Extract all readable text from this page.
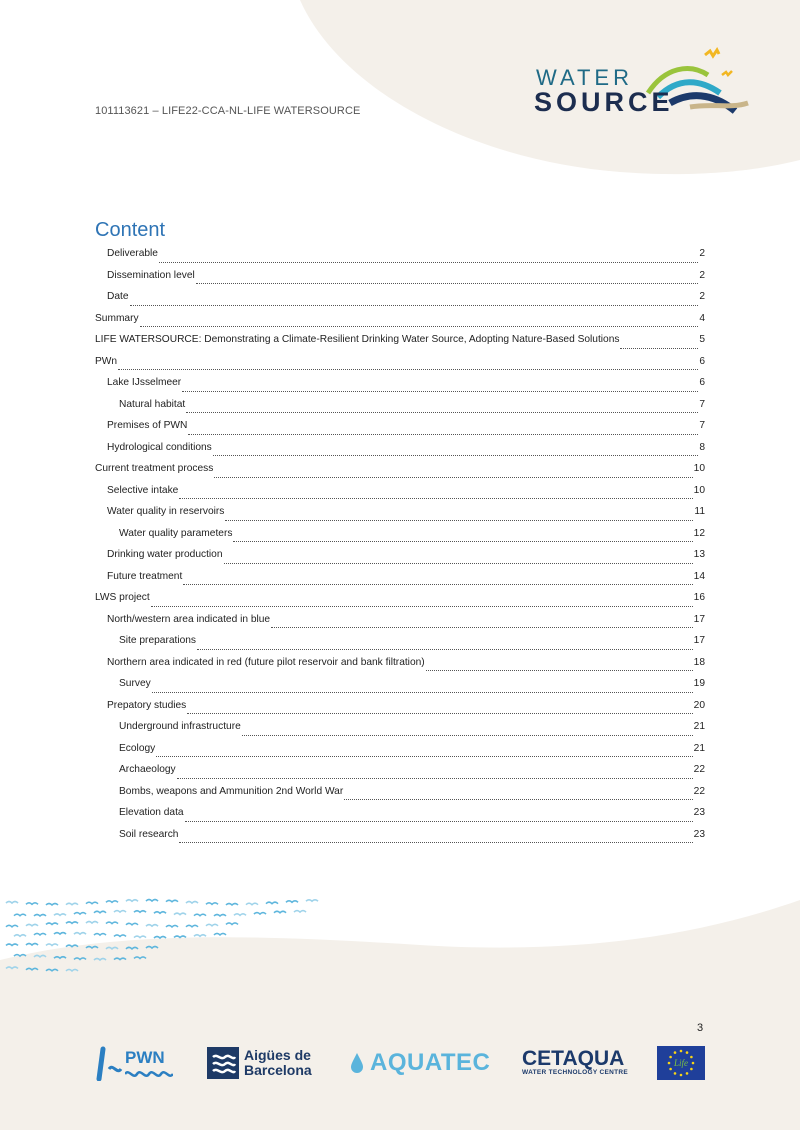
101113621 – LIFE22-CCA-NL-LIFE WATERSOURCE
WATER
SOURCE
Content
Deliverable	2
Dissemination level	2
Date	2
Summary	4
LIFE WATERSOURCE: Demonstrating a Climate-Resilient Drinking Water Source, Adopting Nature-Based Solutions	5
PWn	6
Lake IJsselmeer	6
Natural habitat	7
Premises of PWN	7
Hydrological conditions	8
Current treatment process	10
Selective intake	10
Water quality in reservoirs	11
Water quality parameters	12
Drinking water production	13
Future treatment	14
LWS project	16
North/western area indicated in blue	17
Site preparations	17
Northern area indicated in red (future pilot reservoir and bank filtration)	18
Survey	19
Prepatory studies	20
Underground infrastructure	21
Ecology	21
Archaeology	22
Bombs, weapons and Ammunition 2nd World War	22
Elevation data	23
Soil research	23
3
PWN	Aigües de
Barcelona AQUATEC CETAQUA
WATER TECHNOLOGY CENTRE
Life
